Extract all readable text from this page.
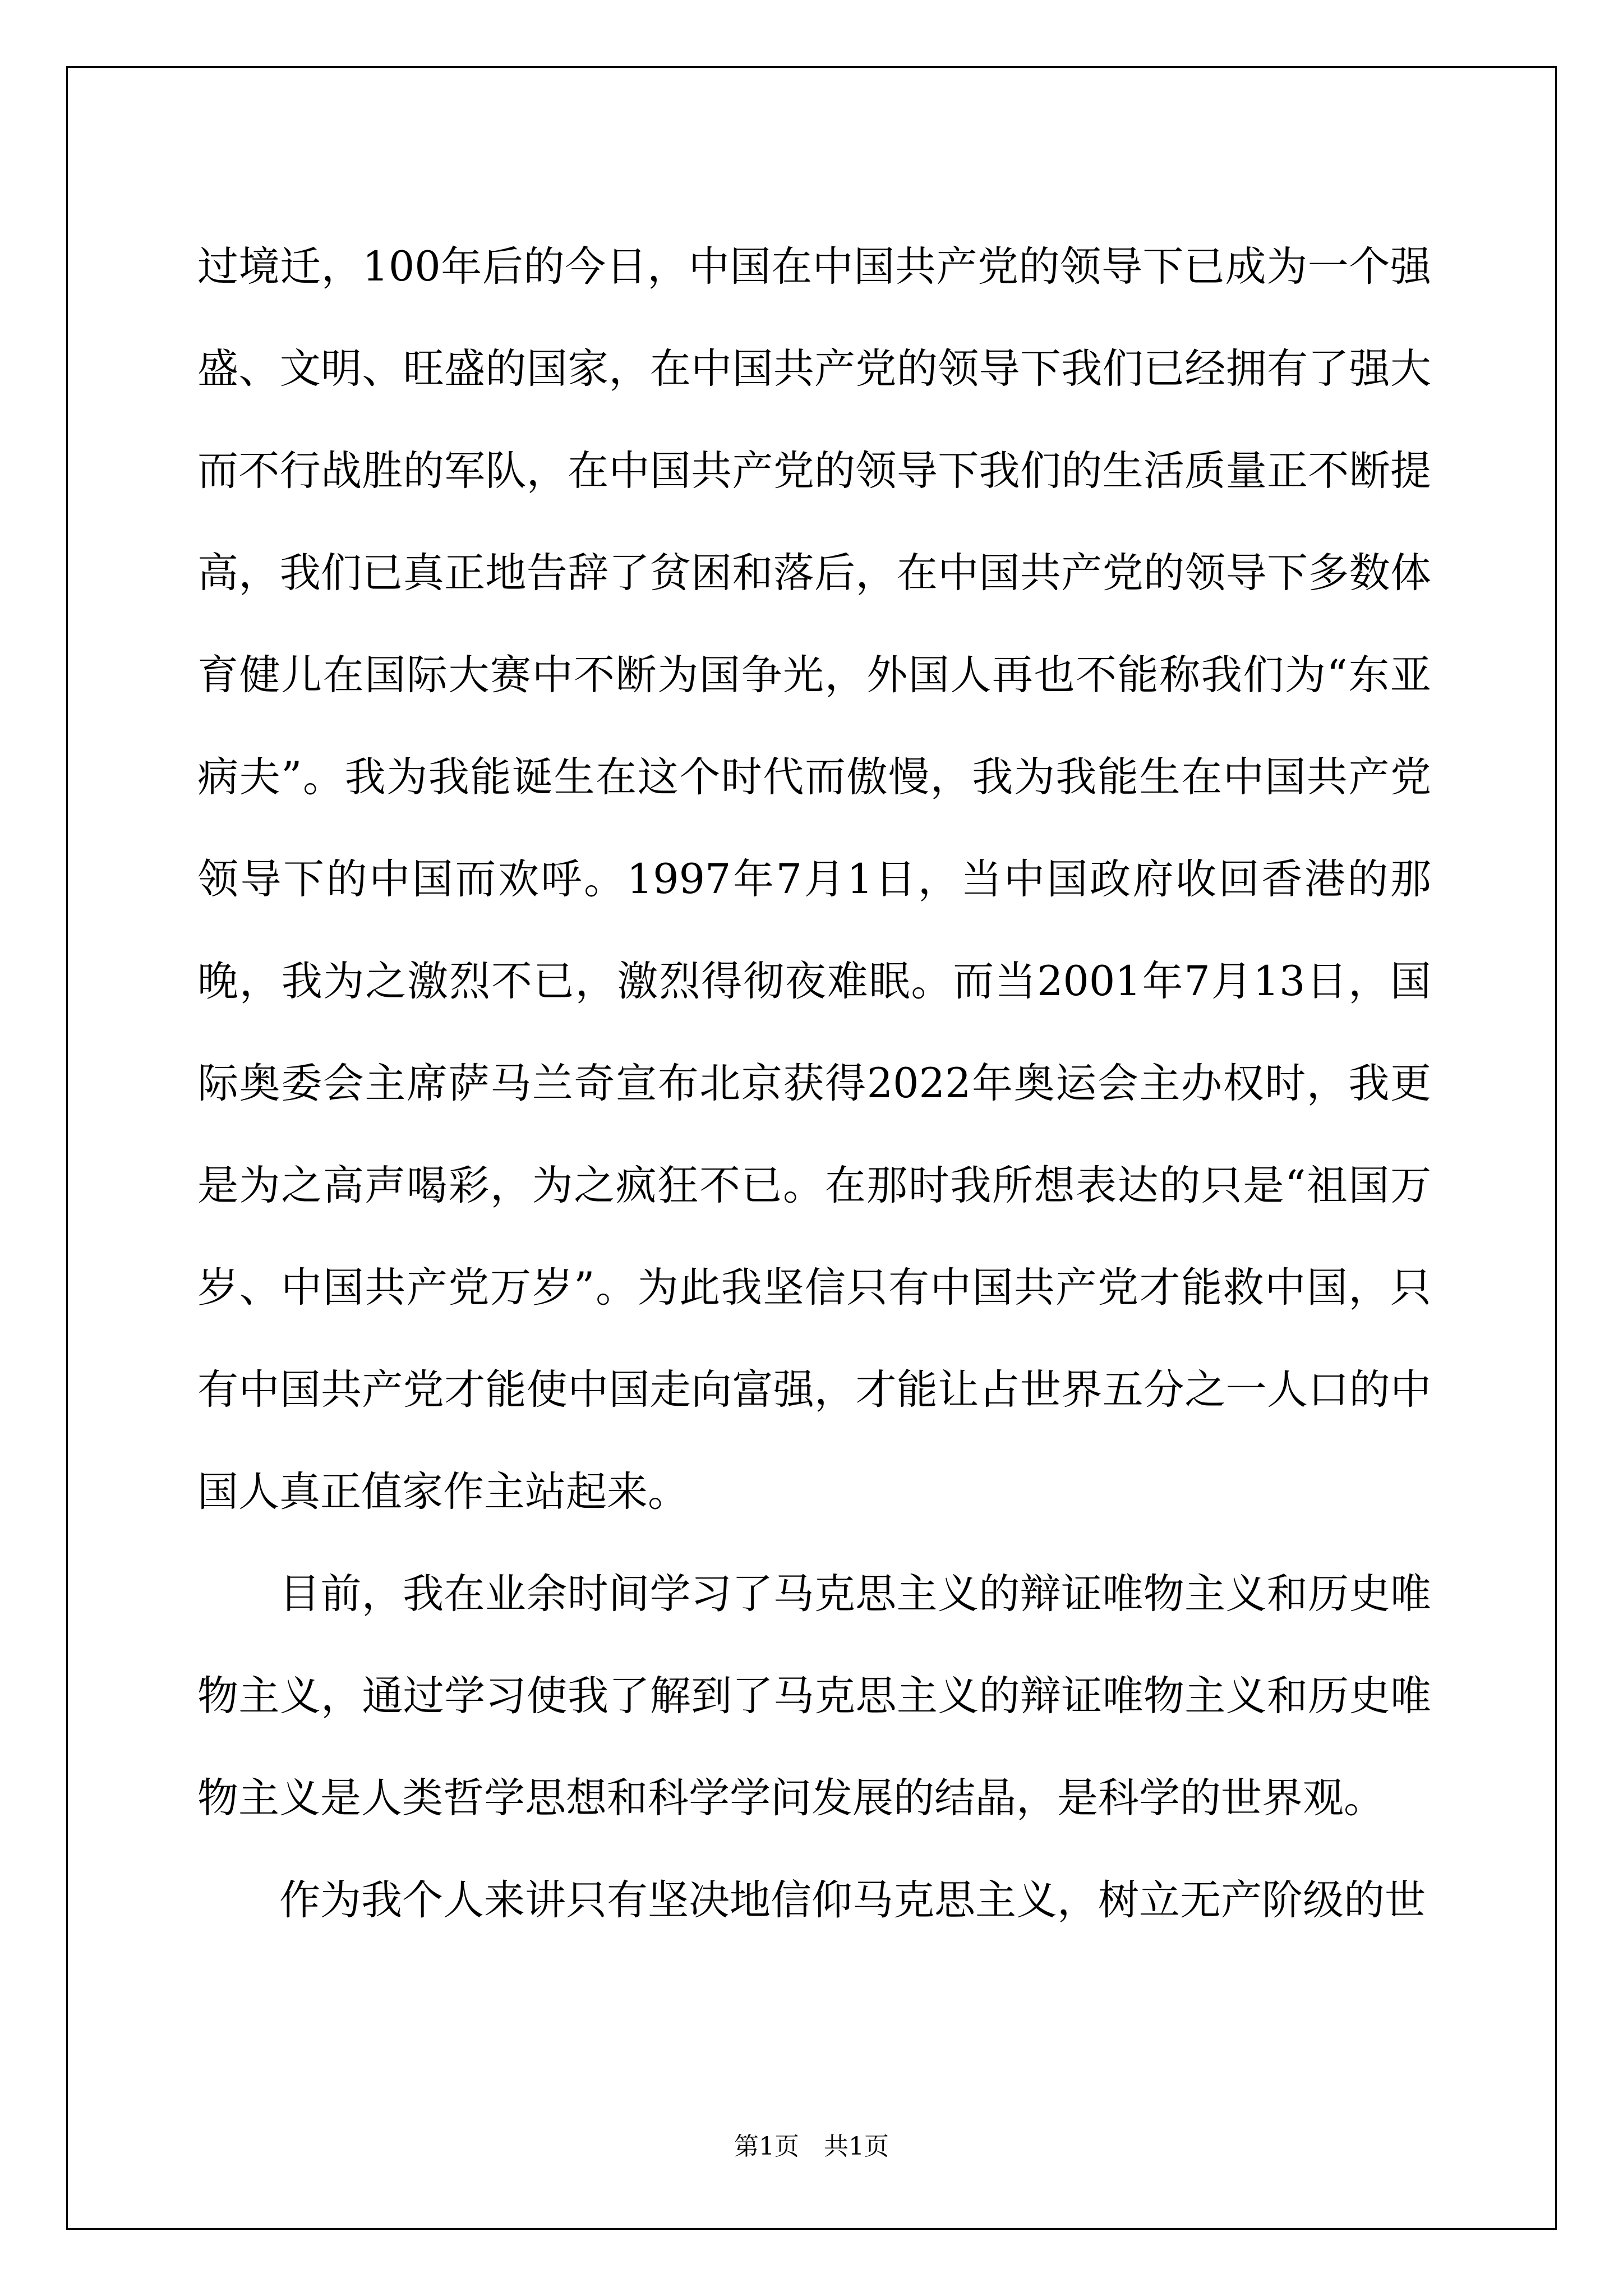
过境迁，100年后的今日，中国在中国共产党的领导下已成为一个强盛、文明、旺盛的国家，在中国共产党的领导下我们已经拥有了强大而不行战胜的军队，在中国共产党的领导下我们的生活质量正不断提高，我们已真正地告辞了贫困和落后，在中国共产党的领导下多数体育健儿在国际大赛中不断为国争光，外国人再也不能称我们为“东亚病夫”。我为我能诞生在这个时代而傲慢，我为我能生在中国共产党领导下的中国而欢呼。1997年7月1日，当中国政府收回香港的那晚，我为之激烈不已，激烈得彻夜难眠。而当2001年7月13日，国际奥委会主席萨马兰奇宣布北京获得2022年奥运会主办权时，我更是为之高声喝彩，为之疯狂不已。在那时我所想表达的只是“祖国万岁、中国共产党万岁”。为此我坚信只有中国共产党才能救中国，只有中国共产党才能使中国走向富强，才能让占世界五分之一人口的中国人真正值家作主站起来。

目前，我在业余时间学习了马克思主义的辩证唯物主义和历史唯物主义，通过学习使我了解到了马克思主义的辩证唯物主义和历史唯物主义是人类哲学思想和科学学问发展的结晶，是科学的世界观。

作为我个人来讲只有坚决地信仰马克思主义，树立无产阶级的世

第1页 共1页
